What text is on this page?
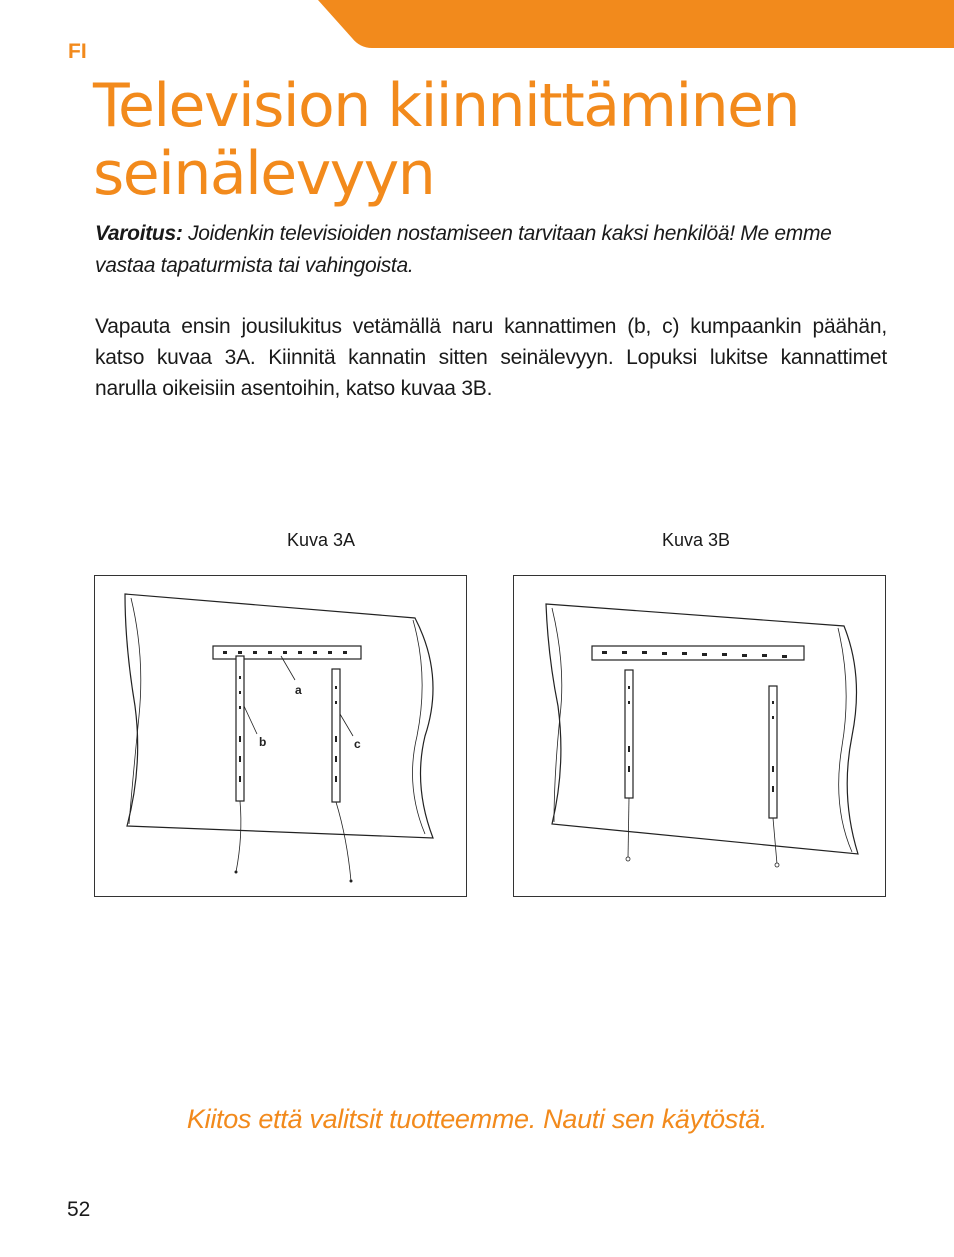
FI
Television kiinnittäminen
seinälevyyn

Varoitus: Joidenkin televisioiden nostamiseen tarvitaan kaksi henkilöä! Me emme vastaa tapaturmista tai vahingoista.

Vapauta ensin jousilukitus vetämällä naru kannattimen (b, c) kumpaankin päähän, katso kuvaa 3A. Kiinnitä kannatin sitten seinälevyyn. Lopuksi lukitse kannattimet narulla oikeisiin asentoihin, katso kuvaa 3B.

Kuva 3A	Kuva 3B
a
b	c
Kiitos että valitsit tuotteemme. Nauti sen käytöstä.
52
